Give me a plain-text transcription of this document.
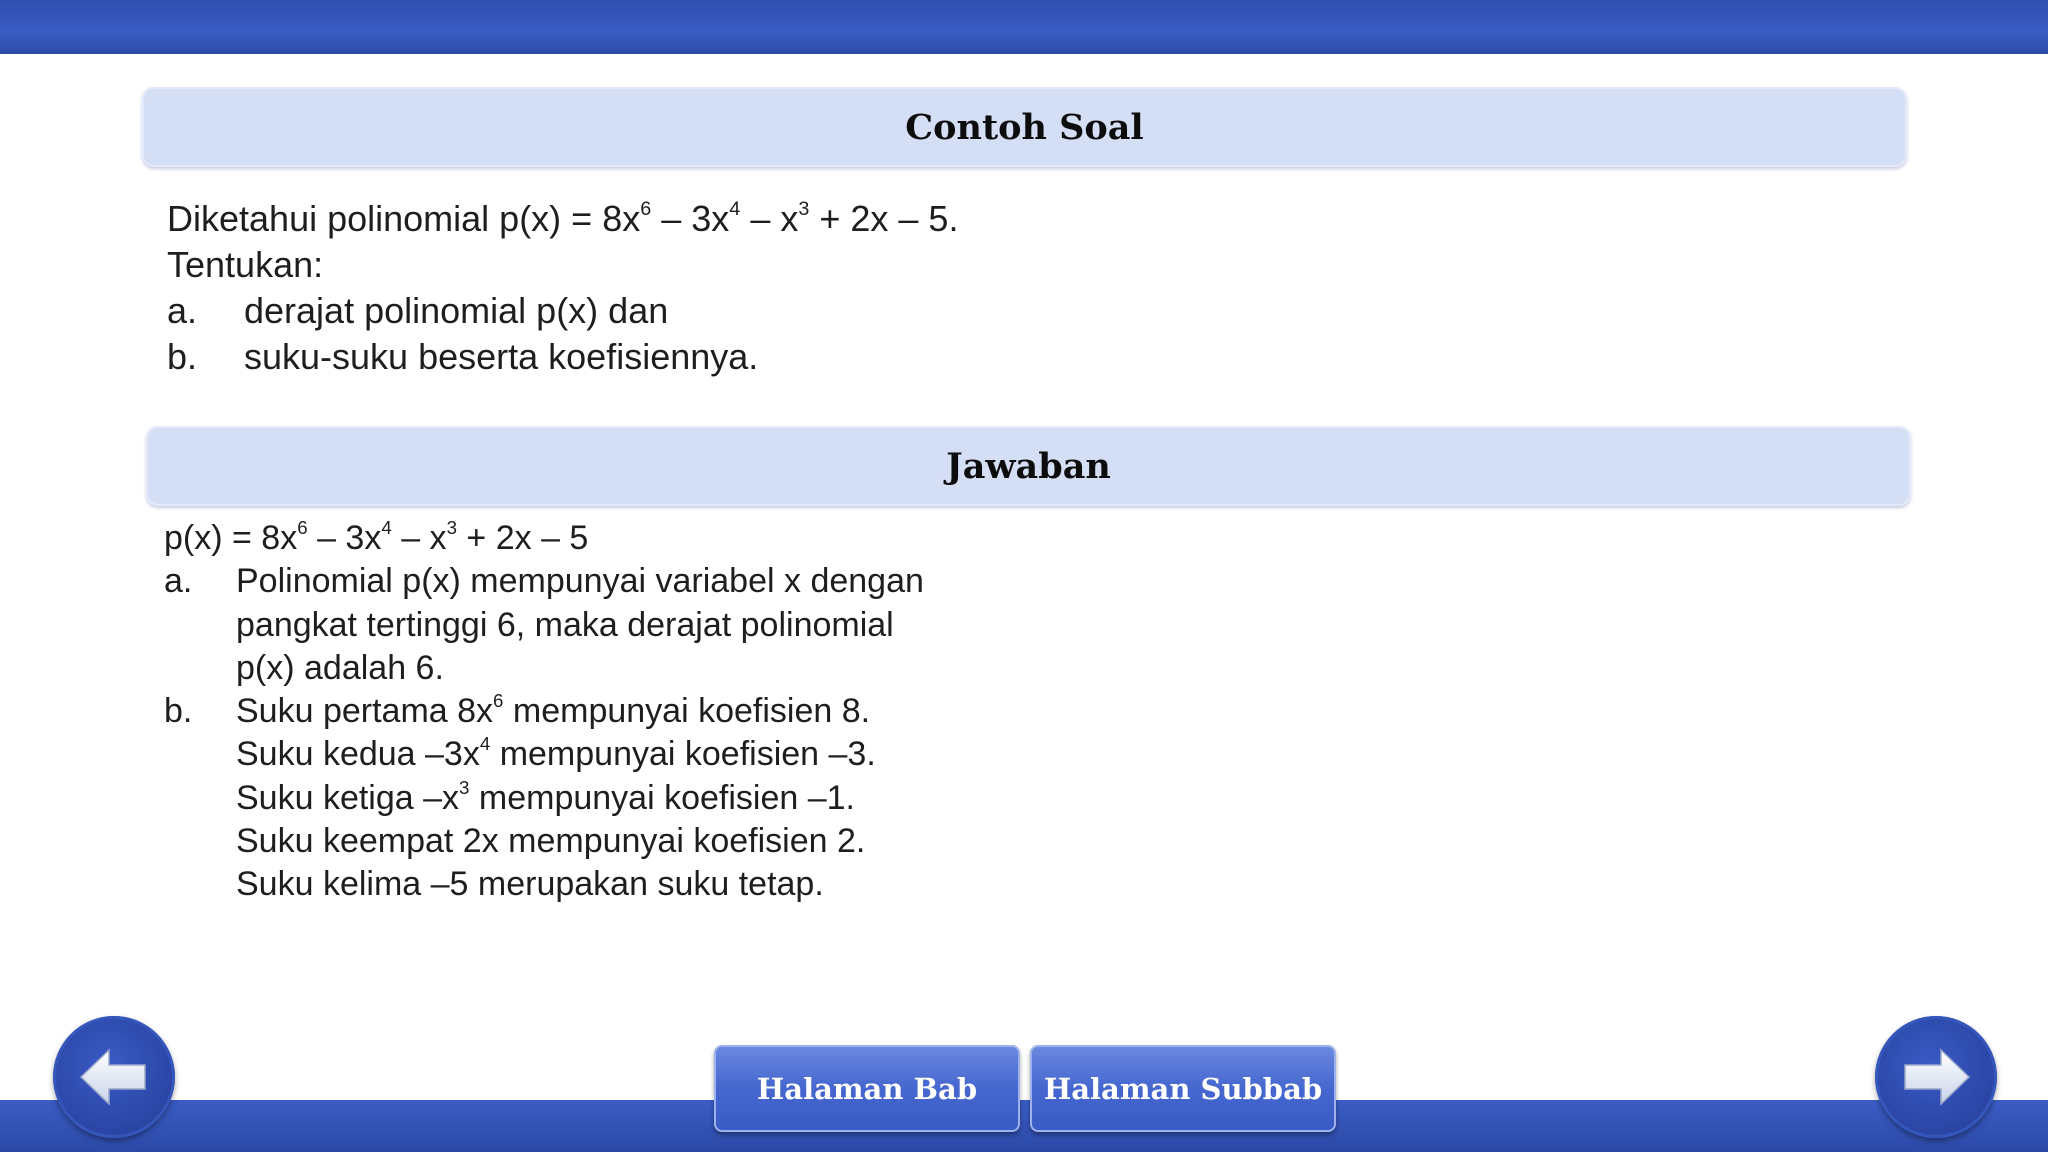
Contoh Soal
Diketahui polinomial $p(x) = 8x^6 - 3x^4 - x^3 + 2x - 5$.
Tentukan:
a.	derajat polinomial p(x) dan
b.	suku-suku beserta koefisiennya.
Jawaban
$p(x) = 8x^6 - 3x^4 - x^3 + 2x - 5$
a.	Polinomial p(x) mempunyai variabel x dengan
pangkat tertinggi 6, maka derajat polinomial
p(x) adalah 6.
b.	Suku pertama $8x^6$ mempunyai koefisien 8.
Suku kedua $-3x^4$ mempunyai koefisien –3.
Suku ketiga $-x^3$ mempunyai koefisien –1.
Suku keempat 2x mempunyai koefisien 2.
Suku kelima –5 merupakan suku tetap.
Halaman Bab Halaman Subbab
